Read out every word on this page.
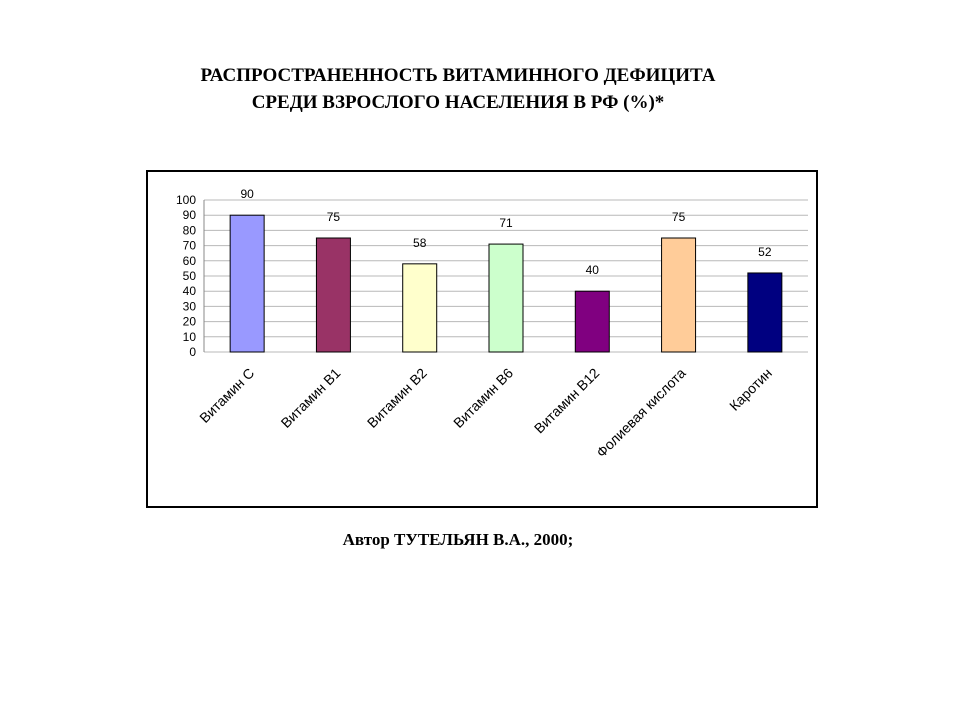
РАСПРОСТРАНЕННОСТЬ ВИТАМИННОГО ДЕФИЦИТА
СРЕДИ ВЗРОСЛОГО НАСЕЛЕНИЯ В РФ (%)*
0
10
20
30
40
50
60
70
80
90
100	90
Витамин С
75
Витамин В1
58
Витамин В2
71
Витамин В6
40
Витамин В12
75
Фолиевая кислота
52
Каротин
Автор ТУТЕЛЬЯН В.А., 2000;
